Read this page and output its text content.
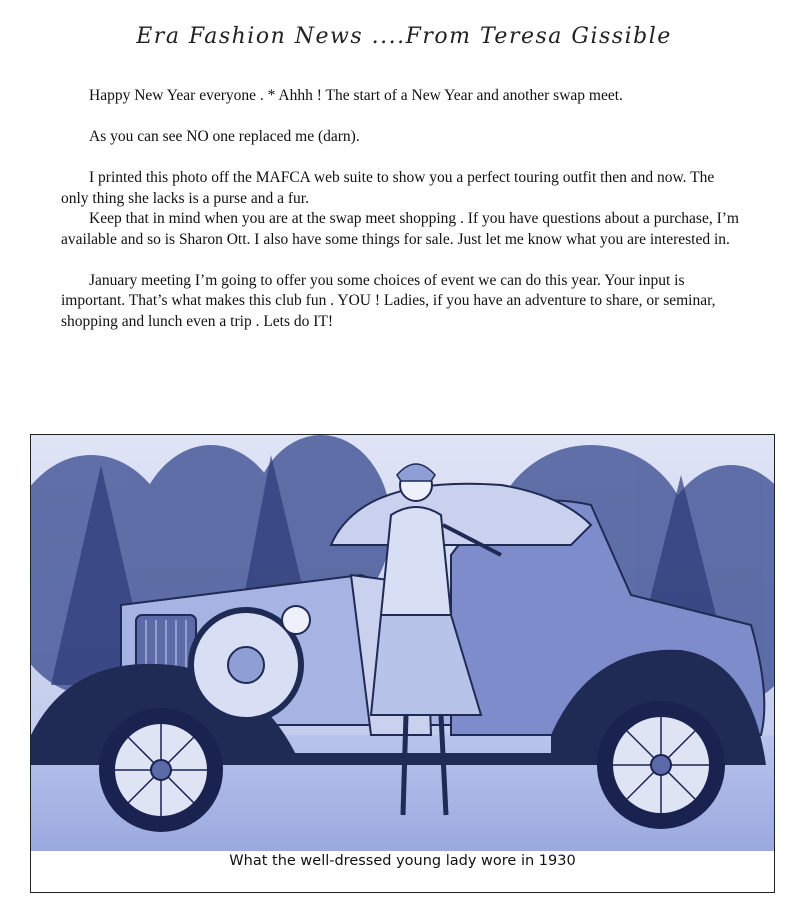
Era Fashion News ....From Teresa Gissible

Happy New Year everyone . * Ahhh ! The start of a New Year and another swap meet.

As you can see NO one replaced me (darn).

I printed this photo off the MAFCA web suite to show you a perfect touring outfit then and now. The only thing she lacks is a purse and a fur.

Keep that in mind when you are at the swap meet shopping . If you have questions about a purchase, I’m available and so is Sharon Ott. I also have some things for sale. Just let me know what you are interested in.

January meeting I’m going to offer you some choices of event we can do this year. Your input is important. That’s what makes this club fun . YOU ! Ladies, if you have an adventure to share, or seminar, shopping and lunch even a trip . Lets do IT!

What the well-dressed young lady wore in 1930
